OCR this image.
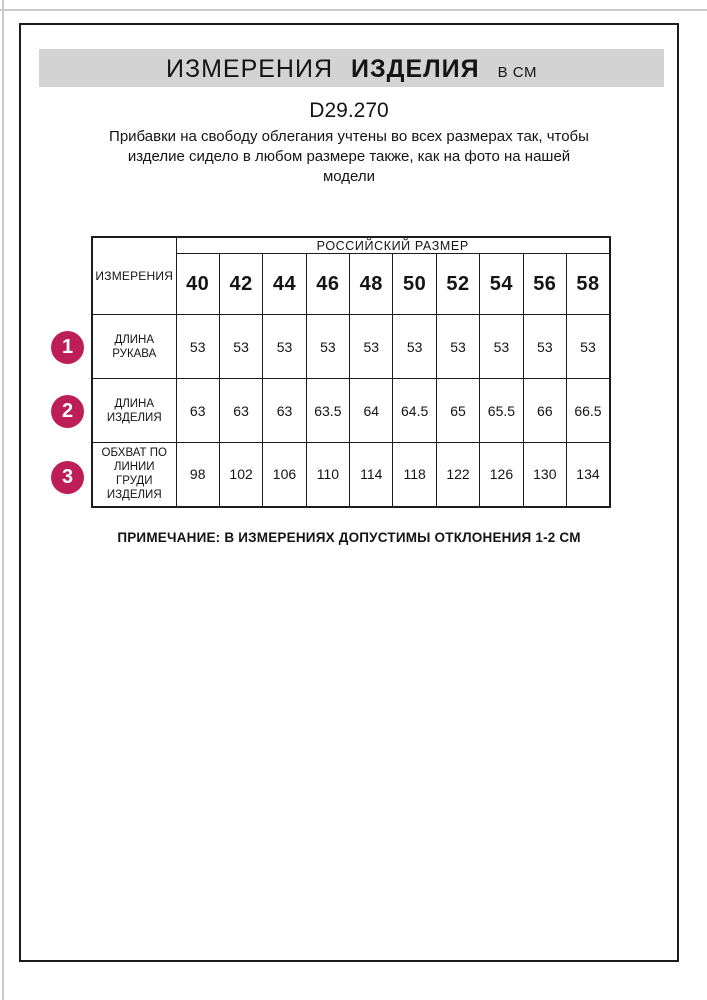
ИЗМЕРЕНИЯ ИЗДЕЛИЯ В СМ
D29.270
Прибавки на свободу облегания учтены во всех размерах так, чтобы
изделие сидело в любом размере также, как на фото на нашей
модели
ИЗМЕРЕНИЯ	РОССИЙСКИЙ РАЗМЕР									
	40	42	44	46	48	50	52	54	56	58

ДЛИНА
РУКАВА	53	53	53	53	53	53	53	53	53	53

ДЛИНА
ИЗДЕЛИЯ	63	63	63	63.5	64	64.5	65	65.5	66	66.5

ОБХВАТ ПО
ЛИНИИ
ГРУДИ
ИЗДЕЛИЯ	98	102	106	110	114	118	122	126	130	134
1
2
3
ПРИМЕЧАНИЕ: В ИЗМЕРЕНИЯХ ДОПУСТИМЫ ОТКЛОНЕНИЯ 1-2 СМ
